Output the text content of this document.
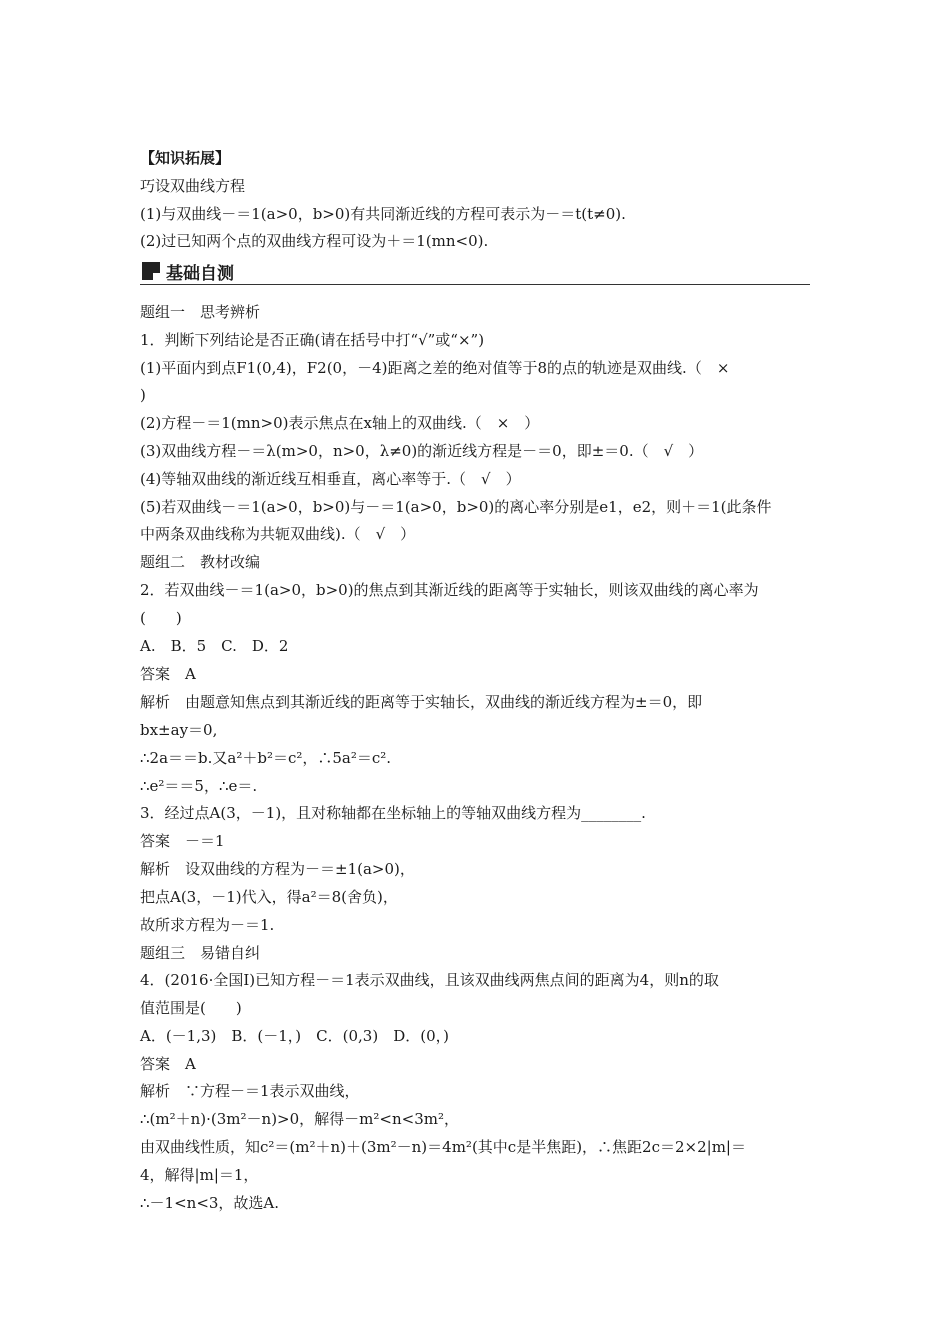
【知识拓展】
巧设双曲线方程
(1)与双曲线－＝1(a>0，b>0)有共同渐近线的方程可表示为－＝t(t≠0).
(2)过已知两个点的双曲线方程可设为＋＝1(mn<0).
基础自测
题组一　思考辨析
1．判断下列结论是否正确(请在括号中打“√”或“×”)
(1)平面内到点F1(0,4)，F2(0，－4)距离之差的绝对值等于8的点的轨迹是双曲线.（　×
)
(2)方程－＝1(mn>0)表示焦点在x轴上的双曲线.（　×　）
(3)双曲线方程－＝λ(m>0，n>0，λ≠0)的渐近线方程是－＝0，即±＝0.（　√　）
(4)等轴双曲线的渐近线互相垂直，离心率等于.（　√　）
(5)若双曲线－＝1(a>0，b>0)与－＝1(a>0，b>0)的离心率分别是e1，e2，则＋＝1(此条件
中两条双曲线称为共轭双曲线).（　√　）
题组二　教材改编
2．若双曲线－＝1(a>0，b>0)的焦点到其渐近线的距离等于实轴长，则该双曲线的离心率为
(　　)
A.　B．5　C.　D．2
答案　A
解析　由题意知焦点到其渐近线的距离等于实轴长，双曲线的渐近线方程为±＝0，即
bx±ay＝0,
∴2a＝＝b.又a²＋b²＝c²，∴5a²＝c².
∴e²＝＝5，∴e＝.
3．经过点A(3，－1)，且对称轴都在坐标轴上的等轴双曲线方程为________.
答案　－＝1
解析　设双曲线的方程为－＝±1(a>0)，
把点A(3，－1)代入，得a²＝8(舍负)，
故所求方程为－＝1.
题组三　易错自纠
4．(2016·全国Ⅰ)已知方程－＝1表示双曲线，且该双曲线两焦点间的距离为4，则n的取
值范围是(　　)
A．(－1,3)　B．(－1，)　C．(0,3)　D．(0，)
答案　A
解析　∵方程－＝1表示双曲线，
∴(m²＋n)·(3m²－n)>0，解得－m²<n<3m²，
由双曲线性质，知c²＝(m²＋n)＋(3m²－n)＝4m²(其中c是半焦距)，∴焦距2c＝2×2|m|＝
4，解得|m|＝1，
∴－1<n<3，故选A.
